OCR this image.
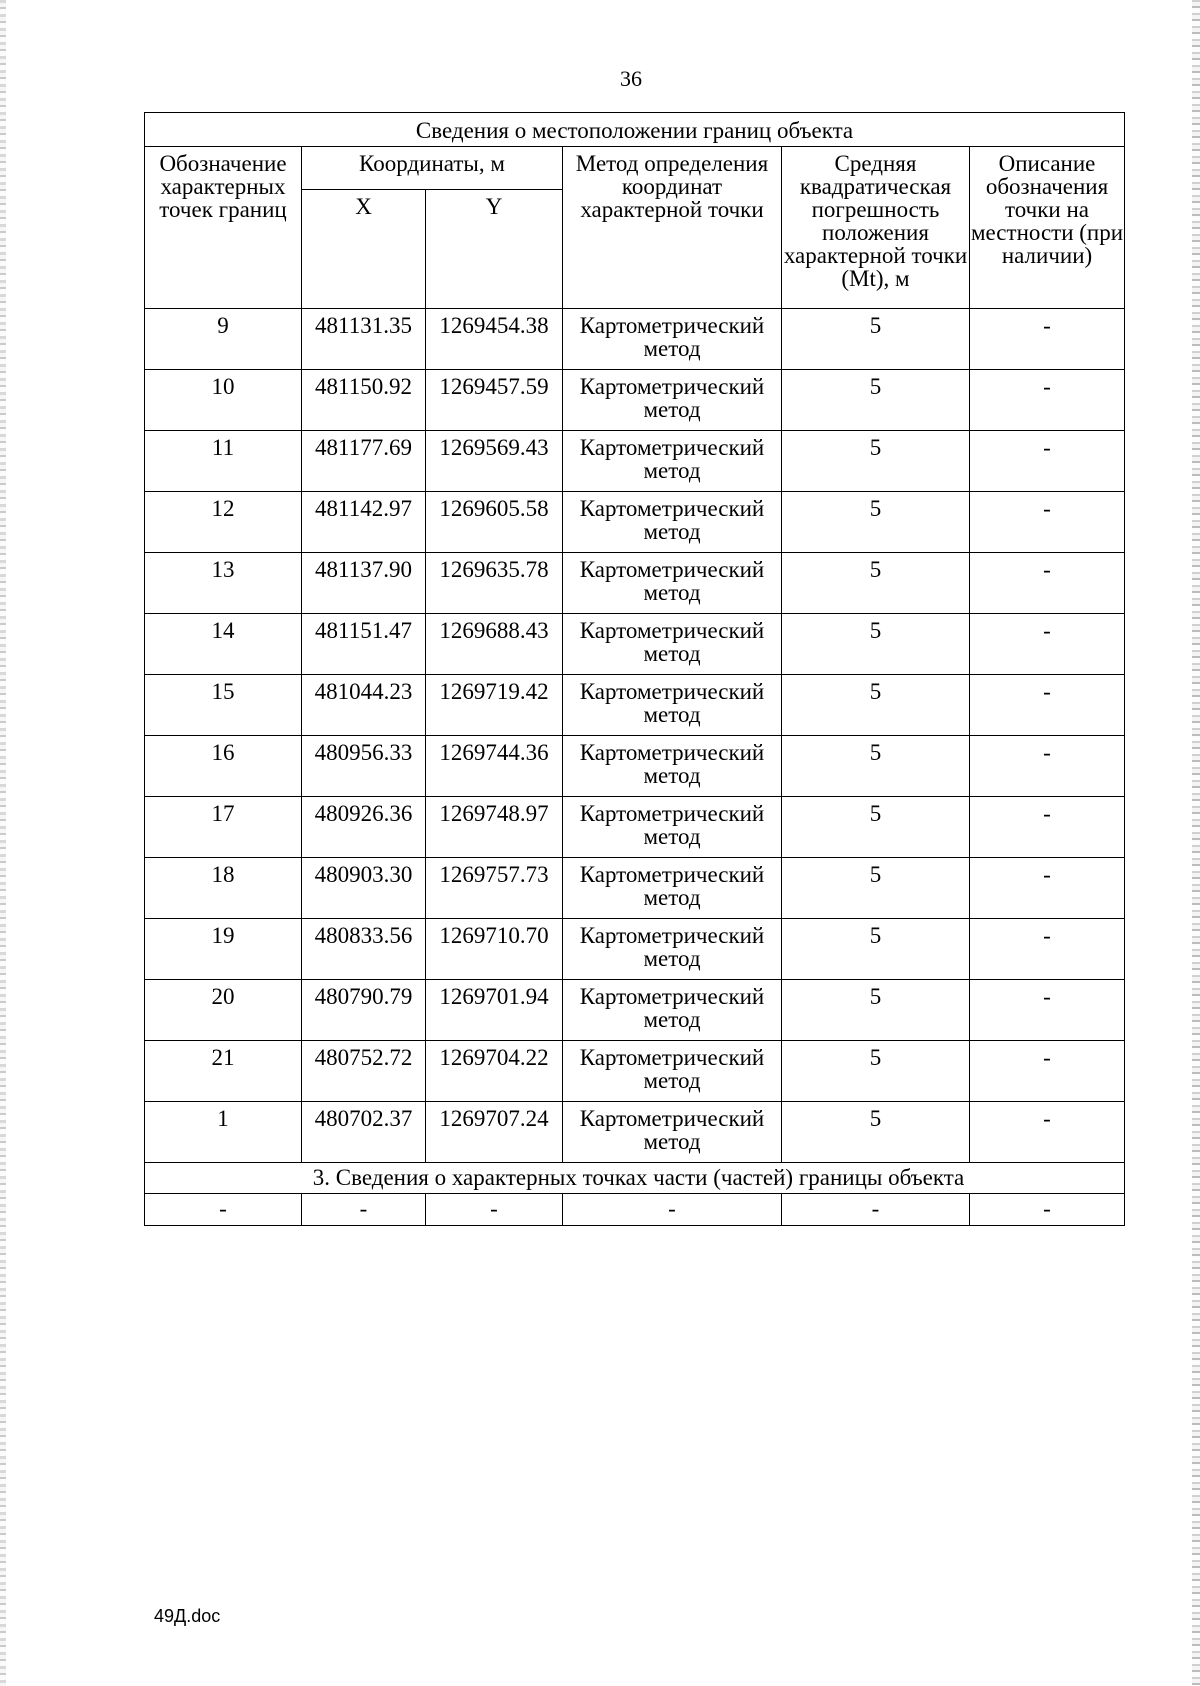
36
Сведения о местоположении границ объекта					
Обозначение характерных точек границ	Координаты, м		Метод определения координат характерной точки	Средняя квадратическая погрешность положения характерной точки (Mt), м	Описание обозначения точки на местности (при наличии)
	X	Y			
9	481131.35	1269454.38	Картометрический метод	5	-
10	481150.92	1269457.59	Картометрический метод	5	-
11	481177.69	1269569.43	Картометрический метод	5	-
12	481142.97	1269605.58	Картометрический метод	5	-
13	481137.90	1269635.78	Картометрический метод	5	-
14	481151.47	1269688.43	Картометрический метод	5	-
15	481044.23	1269719.42	Картометрический метод	5	-
16	480956.33	1269744.36	Картометрический метод	5	-
17	480926.36	1269748.97	Картометрический метод	5	-
18	480903.30	1269757.73	Картометрический метод	5	-
19	480833.56	1269710.70	Картометрический метод	5	-
20	480790.79	1269701.94	Картометрический метод	5	-
21	480752.72	1269704.22	Картометрический метод	5	-
1	480702.37	1269707.24	Картометрический метод	5	-
3. Сведения о характерных точках части (частей) границы объекта					
-	-	-	-	-	-
49Д.doc
